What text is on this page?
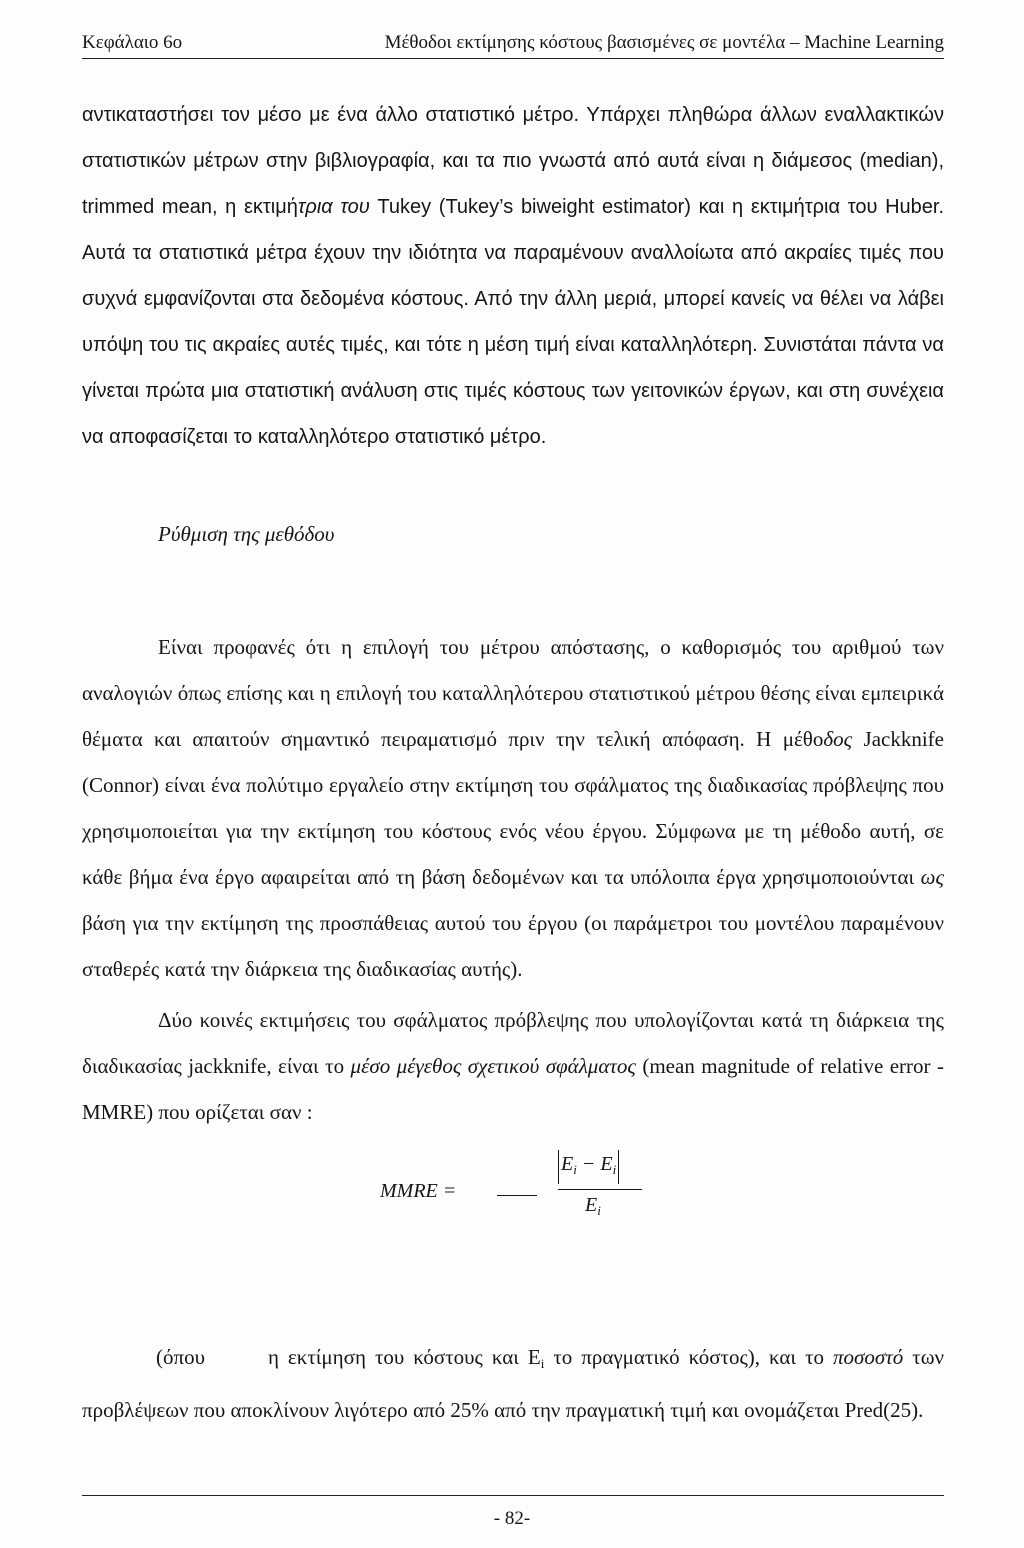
Κεφάλαιο 6ο	Μέθοδοι εκτίμησης κόστους βασισμένες σε μοντέλα – Machine Learning

αντικαταστήσει τον μέσο με ένα άλλο στατιστικό μέτρο. Υπάρχει πληθώρα άλλων εναλλακτικών στατιστικών μέτρων στην βιβλιογραφία, και τα πιο γνωστά από αυτά είναι η διάμεσος (median), trimmed mean, η εκτιμήτρια του Tukey (Tukey’s biweight estimator) και η εκτιμήτρια του Huber. Αυτά τα στατιστικά μέτρα έχουν την ιδιότητα να παραμένουν αναλλοίωτα από ακραίες τιμές που συχνά εμφανίζονται στα δεδομένα κόστους. Από την άλλη μεριά, μπορεί κανείς να θέλει να λάβει υπόψη του τις ακραίες αυτές τιμές, και τότε η μέση τιμή είναι καταλληλότερη. Συνιστάται πάντα να γίνεται πρώτα μια στατιστική ανάλυση στις τιμές κόστους των γειτονικών έργων, και στη συνέχεια να αποφασίζεται το καταλληλότερο στατιστικό μέτρο.

Ρύθμιση της μεθόδου

Είναι προφανές ότι η επιλογή του μέτρου απόστασης, ο καθορισμός του αριθμού των αναλογιών όπως επίσης και η επιλογή του καταλληλότερου στατιστικού μέτρου θέσης είναι εμπειρικά θέματα και απαιτούν σημαντικό πειραματισμό πριν την τελική απόφαση. Η μέθοδος Jackknife (Connor) είναι ένα πολύτιμο εργαλείο στην εκτίμηση του σφάλματος της διαδικασίας πρόβλεψης που χρησιμοποιείται για την εκτίμηση του κόστους ενός νέου έργου. Σύμφωνα με τη μέθοδο αυτή, σε κάθε βήμα ένα έργο αφαιρείται από τη βάση δεδομένων και τα υπόλοιπα έργα χρησιμοποιούνται ως βάση για την εκτίμηση της προσπάθειας αυτού του έργου (οι παράμετροι του μοντέλου παραμένουν σταθερές κατά την διάρκεια της διαδικασίας αυτής).

Δύο κοινές εκτιμήσεις του σφάλματος πρόβλεψης που υπολογίζονται κατά τη διάρκεια της διαδικασίας jackknife, είναι το μέσο μέγεθος σχετικού σφάλματος (mean magnitude of relative error - MMRE) που ορίζεται σαν :

MMRE =
$E_i - E_i$
$E_i$

(όπου	η εκτίμηση του κόστους και $E_i$ το πραγματικό κόστος), και το ποσοστό των προβλέψεων που αποκλίνουν λιγότερο από 25% από την πραγματική τιμή και ονομάζεται Pred(25).

- 82-
